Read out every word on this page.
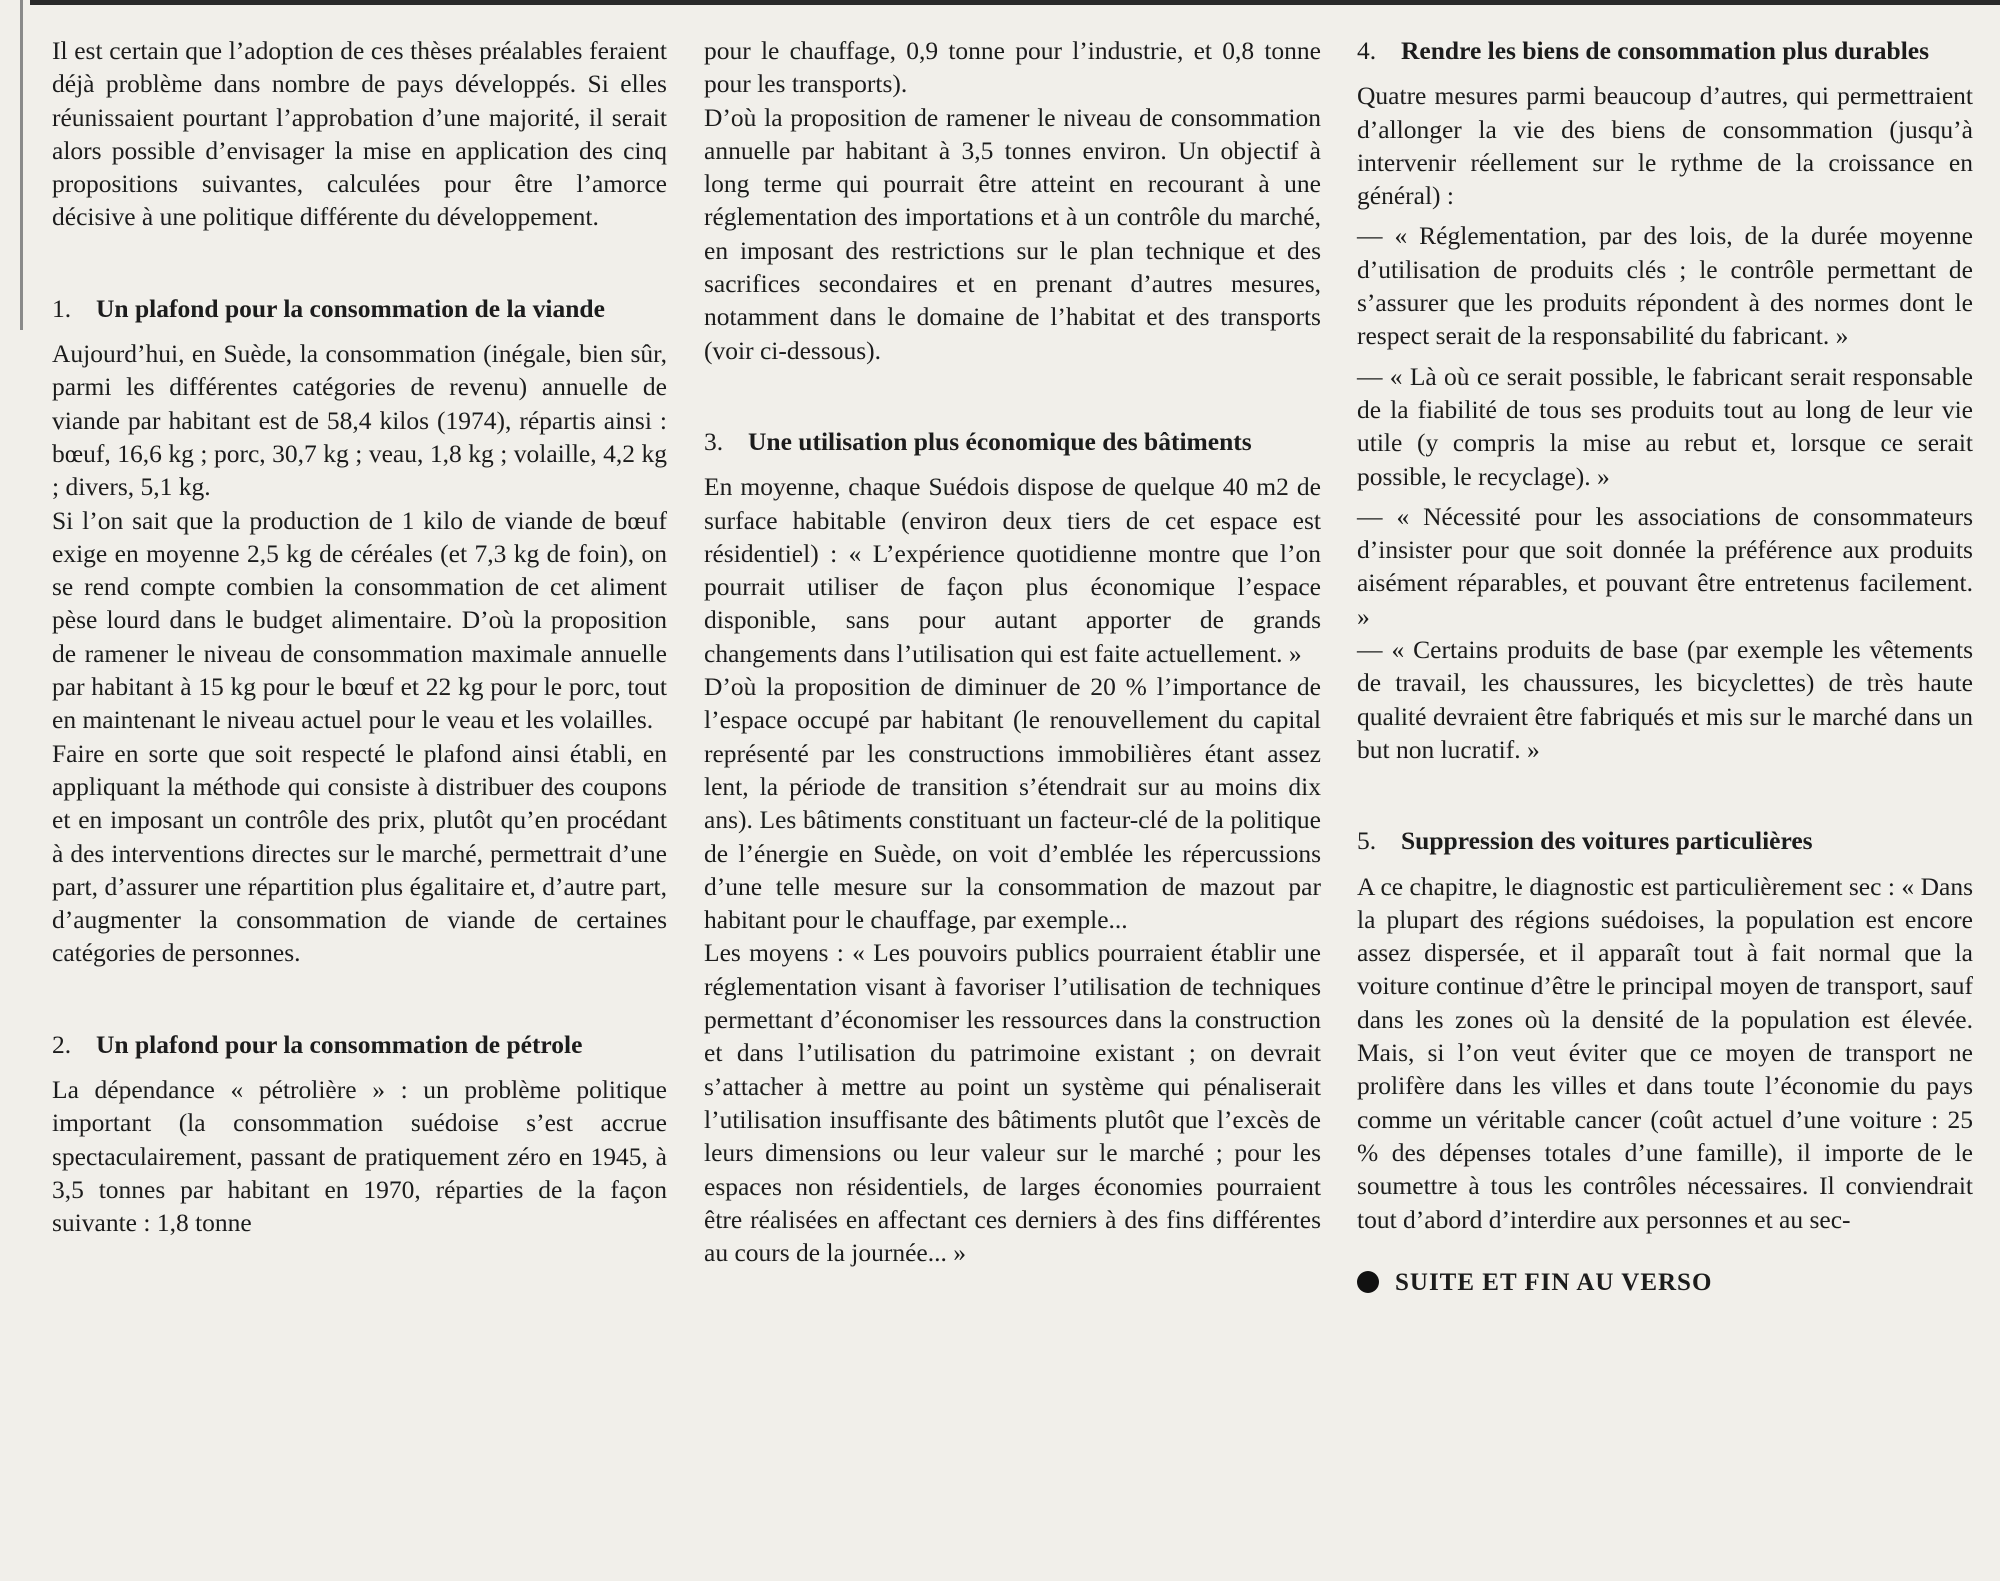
Il est certain que l’adoption de ces thèses préalables feraient déjà problème dans nombre de pays développés. Si elles réunissaient pourtant l’approbation d’une majorité, il serait alors possible d’envisager la mise en application des cinq propositions suivantes, calculées pour être l’amorce décisive à une politique différente du développement.

1. Un plafond pour la consommation de la viande

Aujourd’hui, en Suède, la consommation (inégale, bien sûr, parmi les différentes catégories de revenu) annuelle de viande par habitant est de 58,4 kilos (1974), répartis ainsi : bœuf, 16,6 kg ; porc, 30,7 kg ; veau, 1,8 kg ; volaille, 4,2 kg ; divers, 5,1 kg.

Si l’on sait que la production de 1 kilo de viande de bœuf exige en moyenne 2,5 kg de céréales (et 7,3 kg de foin), on se rend compte combien la consommation de cet aliment pèse lourd dans le budget alimentaire. D’où la proposition de ramener le niveau de consommation maximale annuelle par habitant à 15 kg pour le bœuf et 22 kg pour le porc, tout en maintenant le niveau actuel pour le veau et les volailles.

Faire en sorte que soit respecté le plafond ainsi établi, en appliquant la méthode qui consiste à distribuer des coupons et en imposant un contrôle des prix, plutôt qu’en procédant à des interventions directes sur le marché, permettrait d’une part, d’assurer une répartition plus égalitaire et, d’autre part, d’augmenter la consommation de viande de certaines catégories de personnes.

2. Un plafond pour la consommation de pétrole

La dépendance « pétrolière » : un problème politique important (la consommation suédoise s’est accrue spectaculairement, passant de pratiquement zéro en 1945, à 3,5 tonnes par habitant en 1970, réparties de la façon suivante : 1,8 tonne

pour le chauffage, 0,9 tonne pour l’industrie, et 0,8 tonne pour les transports).

D’où la proposition de ramener le niveau de consommation annuelle par habitant à 3,5 tonnes environ. Un objectif à long terme qui pourrait être atteint en recourant à une réglementation des importations et à un contrôle du marché, en imposant des restrictions sur le plan technique et des sacrifices secondaires et en prenant d’autres mesures, notamment dans le domaine de l’habitat et des transports (voir ci-dessous).

3. Une utilisation plus économique des bâtiments

En moyenne, chaque Suédois dispose de quelque 40 m2 de surface habitable (environ deux tiers de cet espace est résidentiel) : « L’expérience quotidienne montre que l’on pourrait utiliser de façon plus économique l’espace disponible, sans pour autant apporter de grands changements dans l’utilisation qui est faite actuellement. »

D’où la proposition de diminuer de 20 % l’importance de l’espace occupé par habitant (le renouvellement du capital représenté par les constructions immobilières étant assez lent, la période de transition s’étendrait sur au moins dix ans). Les bâtiments constituant un facteur-clé de la politique de l’énergie en Suède, on voit d’emblée les répercussions d’une telle mesure sur la consommation de mazout par habitant pour le chauffage, par exemple...

Les moyens : « Les pouvoirs publics pourraient établir une réglementation visant à favoriser l’utilisation de techniques permettant d’économiser les ressources dans la construction et dans l’utilisation du patrimoine existant ; on devrait s’attacher à mettre au point un système qui pénaliserait l’utilisation insuffisante des bâtiments plutôt que l’excès de leurs dimensions ou leur valeur sur le marché ; pour les espaces non résidentiels, de larges économies pourraient être réalisées en affectant ces derniers à des fins différentes au cours de la journée... »

4. Rendre les biens de consommation plus durables

Quatre mesures parmi beaucoup d’autres, qui permettraient d’allonger la vie des biens de consommation (jusqu’à intervenir réellement sur le rythme de la croissance en général) :

— « Réglementation, par des lois, de la durée moyenne d’utilisation de produits clés ; le contrôle permettant de s’assurer que les produits répondent à des normes dont le respect serait de la responsabilité du fabricant. »

— « Là où ce serait possible, le fabricant serait responsable de la fiabilité de tous ses produits tout au long de leur vie utile (y compris la mise au rebut et, lorsque ce serait possible, le recyclage). »

— « Nécessité pour les associations de consommateurs d’insister pour que soit donnée la préférence aux produits aisément réparables, et pouvant être entretenus facilement. »

— « Certains produits de base (par exemple les vêtements de travail, les chaussures, les bicyclettes) de très haute qualité devraient être fabriqués et mis sur le marché dans un but non lucratif. »

5. Suppression des voitures particulières

A ce chapitre, le diagnostic est particulièrement sec : « Dans la plupart des régions suédoises, la population est encore assez dispersée, et il apparaît tout à fait normal que la voiture continue d’être le principal moyen de transport, sauf dans les zones où la densité de la population est élevée. Mais, si l’on veut éviter que ce moyen de transport ne prolifère dans les villes et dans toute l’économie du pays comme un véritable cancer (coût actuel d’une voiture : 25 % des dépenses totales d’une famille), il importe de le soumettre à tous les contrôles nécessaires. Il conviendrait tout d’abord d’interdire aux personnes et au sec-

SUITE ET FIN AU VERSO
